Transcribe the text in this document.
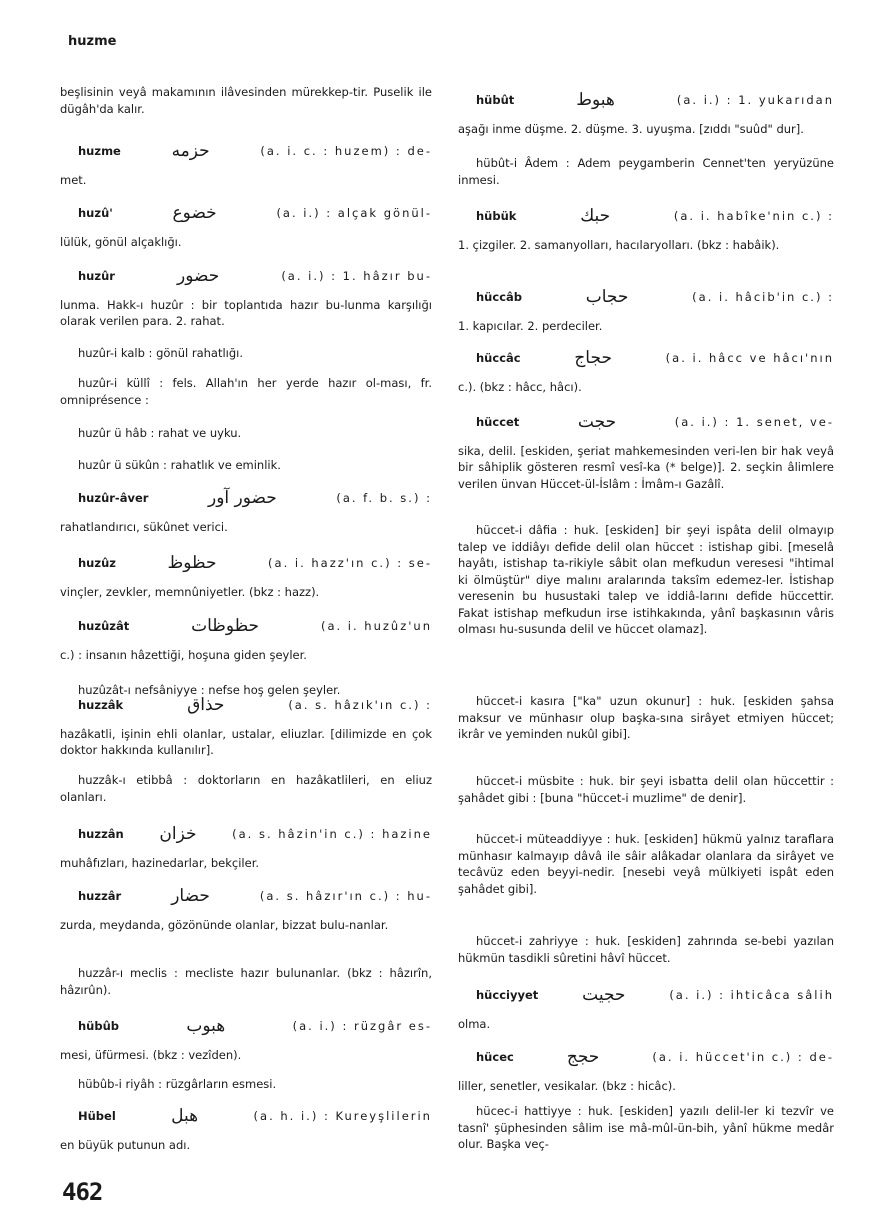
huzme
beşlisinin veyâ makamının ilâvesinden mürekkep-tir. Puselik ile dügâh'da kalır.
huzme	حزمه	(a. i. c. : huzem) : de-
met.
huzû'	خضوع	(a. i.) : alçak gönül-
lülük, gönül alçaklığı.
huzûr	حضور	(a. i.) : 1. hâzır bu-
lunma. Hakk-ı huzûr : bir toplantıda hazır bu-lunma karşılığı olarak verilen para. 2. rahat.
huzûr-i kalb : gönül rahatlığı.
huzûr-i küllî : fels. Allah'ın her yerde hazır ol-ması, fr. omniprésence :
huzûr ü hâb : rahat ve uyku.
huzûr ü sükûn : rahatlık ve eminlik.
huzûr-âver	حضور آور	(a. f. b. s.) :
rahatlandırıcı, sükûnet verici.
huzûz	حظوظ	(a. i. hazz'ın c.) : se-
vinçler, zevkler, memnûniyetler. (bkz : hazz).
huzûzât	حظوظات	(a. i. huzûz'un
c.) : insanın hâzettiği, hoşuna giden şeyler.
huzûzât-ı nefsâniyye : nefse hoş gelen şeyler.
huzzâk	حذاق	(a. s. hâzık'ın c.) :
hazâkatli, işinin ehli olanlar, ustalar, eliuzlar. [dilimizde en çok doktor hakkında kullanılır].
huzzâk-ı etibbâ : doktorların en hazâkatlileri, en eliuz olanları.
huzzân خزان	(a. s. hâzin'in c.) : hazine
muhâfızları, hazinedarlar, bekçiler.
huzzâr	حضار	(a. s. hâzır'ın c.) : hu-
zurda, meydanda, gözönünde olanlar, bizzat bulu-nanlar.
huzzâr-ı meclis : mecliste hazır bulunanlar. (bkz : hâzırîn, hâzırûn).
hübûb	هبوب	(a. i.) : rüzgâr es-
mesi, üfürmesi. (bkz : vezîden).
hübûb-i riyâh : rüzgârların esmesi.
Hübel	هبل	(a. h. i.) : Kureyşlilerin
en büyük putunun adı.
hübût	هبوط	(a. i.) : 1. yukarıdan
aşağı inme düşme. 2. düşme. 3. uyuşma. [zıddı "suûd" dur].
hübût-i Âdem : Adem peygamberin Cennet'ten yeryüzüne inmesi.
hübük	حبك	(a. i. habîke'nin c.) :
1. çizgiler. 2. samanyolları, hacılaryolları. (bkz : habâik).
hüccâb	حجاب	(a. i. hâcib'in c.) :
1. kapıcılar. 2. perdeciler.
hüccâc	حجاج	(a. i. hâcc ve hâcı'nın
c.). (bkz : hâcc, hâcı).
hüccet	حجت	(a. i.) : 1. senet, ve-
sika, delil. [eskiden, şeriat mahkemesinden veri-len bir hak veyâ bir sâhiplik gösteren resmî vesî-ka (* belge)]. 2. seçkin âlimlere verilen ünvan Hüccet-ül-İslâm : İmâm-ı Gazâlî.
hüccet-i dâfia : huk. [eskiden] bir şeyi ispâta delil olmayıp talep ve iddiâyı defide delil olan hüccet : istishap gibi. [meselâ hayâtı, istishap ta-rikiyle sâbit olan mefkudun veresesi "ihtimal ki ölmüştür" diye malını aralarında taksîm edemez-ler. İstishap veresenin bu husustaki talep ve iddiâ-larını defide hüccettir. Fakat istishap mefkudun irse istihkakında, yânî başkasının vâris olması hu-susunda delil ve hüccet olamaz].
hüccet-i kasıra ["ka" uzun okunur] : huk. [eskiden şahsa maksur ve münhasır olup başka-sına sirâyet etmiyen hüccet; ikrâr ve yeminden nukûl gibi].
hüccet-i müsbite : huk. bir şeyi isbatta delil olan hüccettir : şahâdet gibi : [buna "hüccet-i muzlime" de denir].
hüccet-i müteaddiyye : huk. [eskiden] hükmü yalnız taraflara münhasır kalmayıp dâvâ ile sâir alâkadar olanlara da sirâyet ve tecâvüz eden beyyi-nedir. [nesebi veyâ mülkiyeti ispât eden şahâdet gibi].
hüccet-i zahriyye : huk. [eskiden] zahrında se-bebi yazılan hükmün tasdikli sûretini hâvî hüccet.
hücciyyet	حجيت	(a. i.) : ihticâca sâlih
olma.
hücec	حجج	(a. i. hüccet'in c.) : de-
liller, senetler, vesikalar. (bkz : hicâc).
hücec-i hattiyye : huk. [eskiden] yazılı delil-ler ki tezvîr ve tasnî' şüphesinden sâlim ise mâ-mûl-ün-bih, yânî hükme medâr olur. Başka veç-
462
